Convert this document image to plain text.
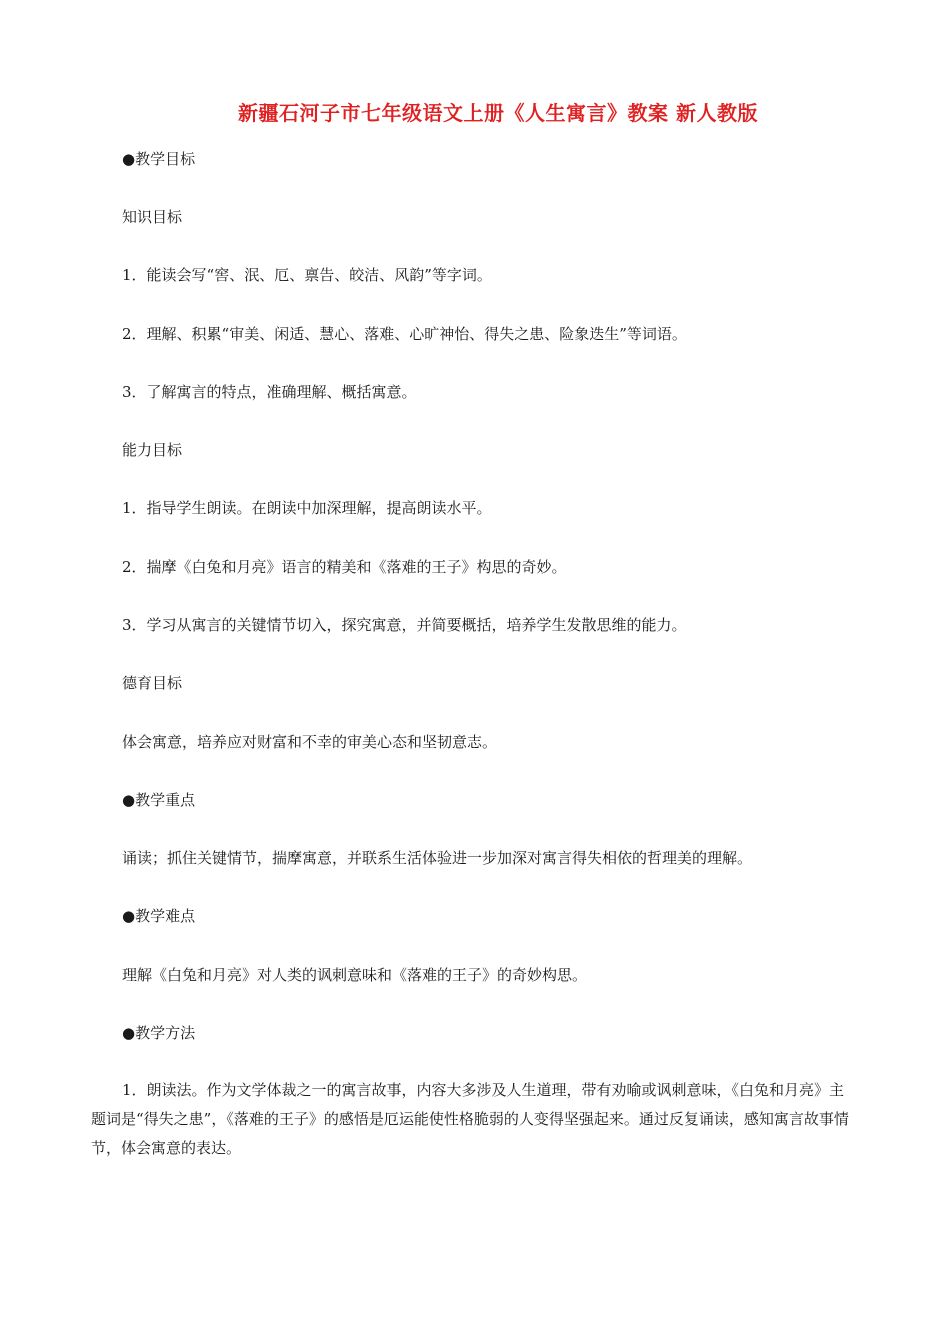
新疆石河子市七年级语文上册《人生寓言》教案 新人教版
●教学目标
知识目标
1．能读会写“窖、泯、厄、禀告、皎洁、风韵”等字词。
2．理解、积累“审美、闲适、慧心、落难、心旷神怡、得失之患、险象迭生”等词语。
3．了解寓言的特点，准确理解、概括寓意。
能力目标
1．指导学生朗读。在朗读中加深理解，提高朗读水平。
2．揣摩《白兔和月亮》语言的精美和《落难的王子》构思的奇妙。
3．学习从寓言的关键情节切入，探究寓意，并简要概括，培养学生发散思维的能力。
德育目标
体会寓意，培养应对财富和不幸的审美心态和坚韧意志。
●教学重点
诵读；抓住关键情节，揣摩寓意，并联系生活体验进一步加深对寓言得失相依的哲理美的理解。
●教学难点
理解《白兔和月亮》对人类的讽刺意味和《落难的王子》的奇妙构思。
●教学方法
1．朗读法。作为文学体裁之一的寓言故事，内容大多涉及人生道理，带有劝喻或讽刺意味，《白兔和月亮》主题词是“得失之患”，《落难的王子》的感悟是厄运能使性格脆弱的人变得坚强起来。通过反复诵读，感知寓言故事情节，体会寓意的表达。
